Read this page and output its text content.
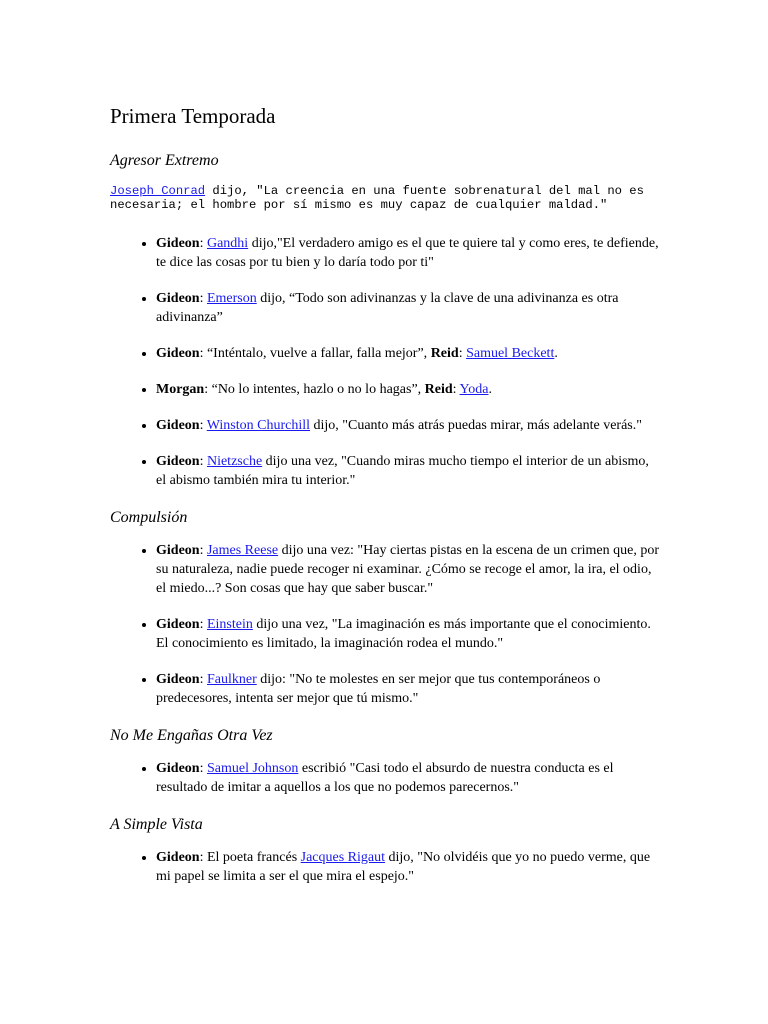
Primera Temporada
Agresor Extremo

Joseph Conrad dijo, "La creencia en una fuente sobrenatural del mal no es necesaria; el hombre por sí mismo es muy capaz de cualquier maldad."

• Gideon: Gandhi dijo,"El verdadero amigo es el que te quiere tal y como eres, te defiende, te dice las cosas por tu bien y lo daría todo por ti"
• Gideon: Emerson dijo, “Todo son adivinanzas y la clave de una adivinanza es otra adivinanza”
• Gideon: “Inténtalo, vuelve a fallar, falla mejor”, Reid: Samuel Beckett.
• Morgan: “No lo intentes, hazlo o no lo hagas”, Reid: Yoda.
• Gideon: Winston Churchill dijo, "Cuanto más atrás puedas mirar, más adelante verás."
• Gideon: Nietzsche dijo una vez, "Cuando miras mucho tiempo el interior de un abismo, el abismo también mira tu interior."
Compulsión
• Gideon: James Reese dijo una vez: "Hay ciertas pistas en la escena de un crimen que, por su naturaleza, nadie puede recoger ni examinar. ¿Cómo se recoge el amor, la ira, el odio, el miedo...? Son cosas que hay que saber buscar."
• Gideon: Einstein dijo una vez, "La imaginación es más importante que el conocimiento. El conocimiento es limitado, la imaginación rodea el mundo."
• Gideon: Faulkner dijo: "No te molestes en ser mejor que tus contemporáneos o predecesores, intenta ser mejor que tú mismo."
No Me Engañas Otra Vez
• Gideon: Samuel Johnson escribió "Casi todo el absurdo de nuestra conducta es el resultado de imitar a aquellos a los que no podemos parecernos."
A Simple Vista
• Gideon: El poeta francés Jacques Rigaut dijo, "No olvidéis que yo no puedo verme, que mi papel se limita a ser el que mira el espejo."
